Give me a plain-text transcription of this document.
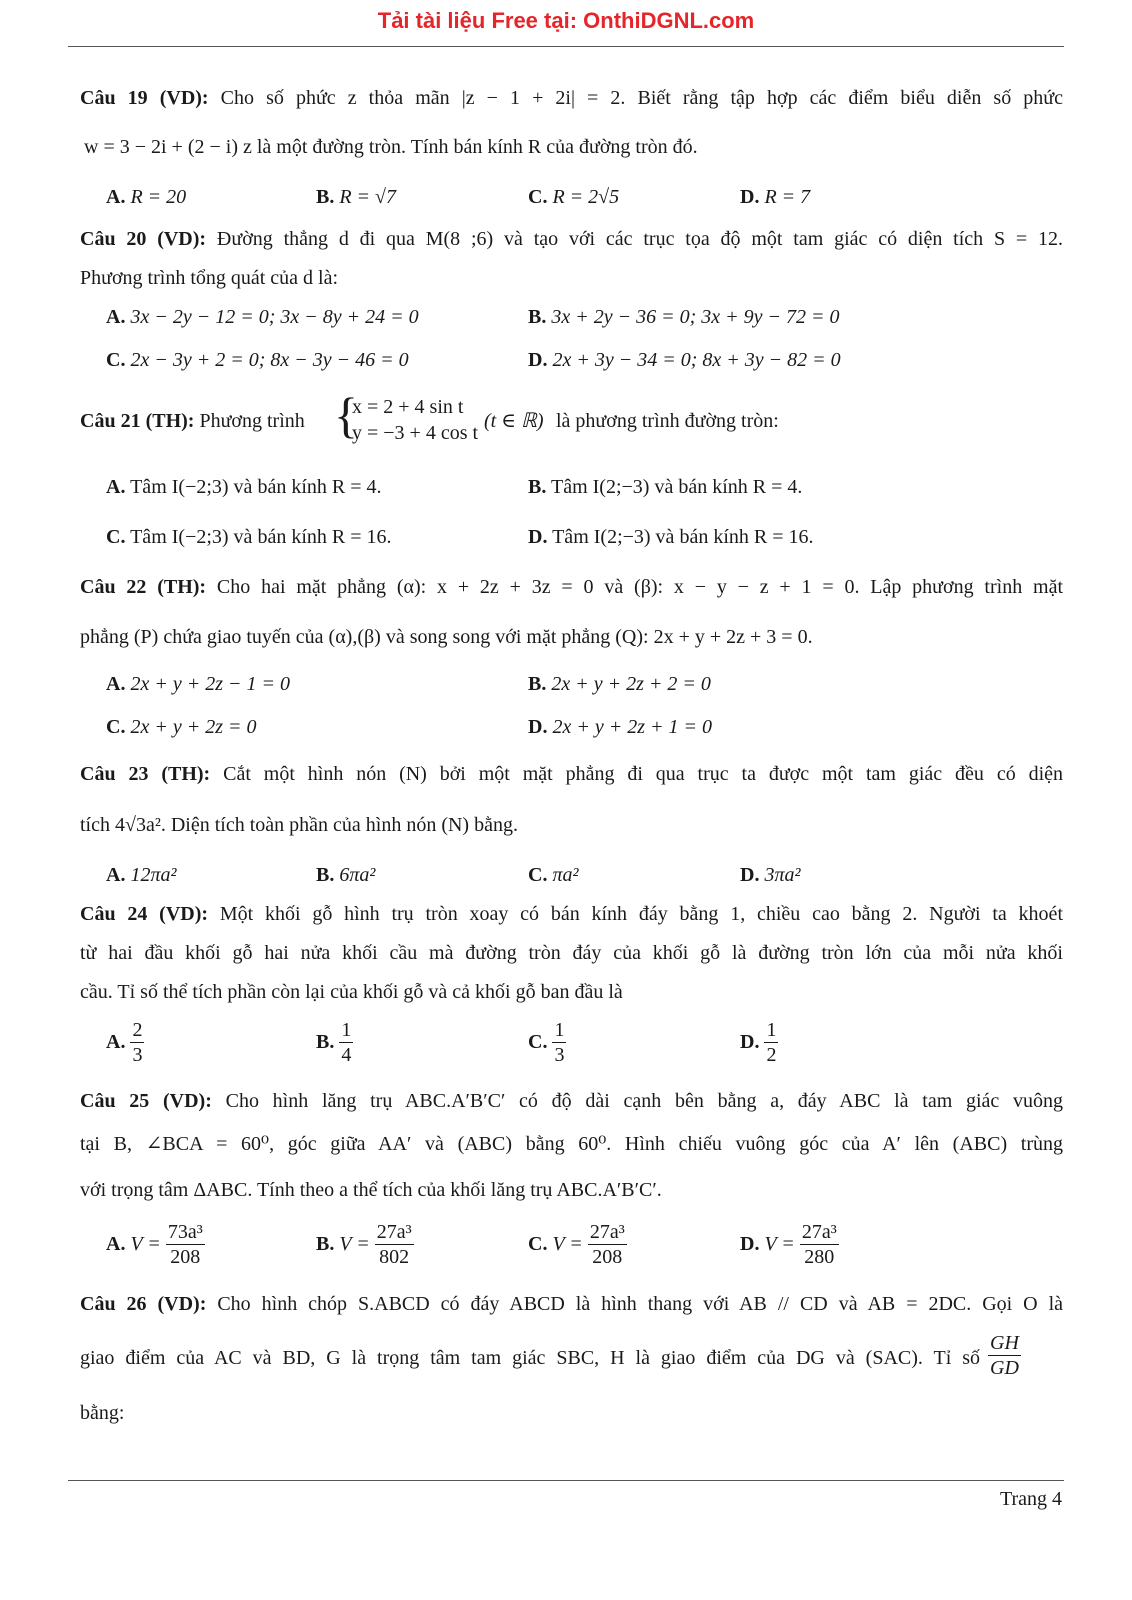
Tải tài liệu Free tại: OnthiDGNL.com
Câu 19 (VD): Cho số phức z thỏa mãn |z − 1 + 2i| = 2. Biết rằng tập hợp các điểm biểu diễn số phức
w = 3 − 2i + (2 − i) z là một đường tròn. Tính bán kính R của đường tròn đó.
A. R = 20	B. R = √7	C. R = 2√5	D. R = 7
Câu 20 (VD): Đường thẳng d đi qua M(8 ;6) và tạo với các trục tọa độ một tam giác có diện tích S = 12.
Phương trình tổng quát của d là:
A. 3x − 2y − 12 = 0; 3x − 8y + 24 = 0	B. 3x + 2y − 36 = 0; 3x + 9y − 72 = 0
C. 2x − 3y + 2 = 0; 8x − 3y − 46 = 0	D. 2x + 3y − 34 = 0; 8x + 3y − 82 = 0
Câu 21 (TH): Phương trình {
x = 2 + 4 sin t
y = −3 + 4 cos t
(t ∈ ℝ) là phương trình đường tròn:
A. Tâm I(−2;3) và bán kính R = 4.	B. Tâm I(2;−3) và bán kính R = 4.
C. Tâm I(−2;3) và bán kính R = 16.	D. Tâm I(2;−3) và bán kính R = 16.
Câu 22 (TH): Cho hai mặt phẳng (α): x + 2z + 3z = 0 và (β): x − y − z + 1 = 0. Lập phương trình mặt
phẳng (P) chứa giao tuyến của (α),(β) và song song với mặt phẳng (Q): 2x + y + 2z + 3 = 0.
A. 2x + y + 2z − 1 = 0	B. 2x + y + 2z + 2 = 0
C. 2x + y + 2z = 0	D. 2x + y + 2z + 1 = 0
Câu 23 (TH): Cắt một hình nón (N) bởi một mặt phẳng đi qua trục ta được một tam giác đều có diện
tích 4√3a². Diện tích toàn phần của hình nón (N) bằng.
A. 12πa²	B. 6πa²	C. πa²	D. 3πa²
Câu 24 (VD): Một khối gỗ hình trụ tròn xoay có bán kính đáy bằng 1, chiều cao bằng 2. Người ta khoét
từ hai đầu khối gỗ hai nửa khối cầu mà đường tròn đáy của khối gỗ là đường tròn lớn của mỗi nửa khối
cầu. Tỉ số thể tích phần còn lại của khối gỗ và cả khối gỗ ban đầu là
A. $\frac{2}{3}$	B. $\frac{1}{4}$	C. $\frac{1}{3}$	D. $\frac{1}{2}$
Câu 25 (VD): Cho hình lăng trụ ABC.A′B′C′ có độ dài cạnh bên bằng a, đáy ABC là tam giác vuông
tại B, ∠BCA = 60⁰, góc giữa AA′ và (ABC) bằng 60⁰. Hình chiếu vuông góc của A′ lên (ABC) trùng
với trọng tâm ΔABC. Tính theo a thể tích của khối lăng trụ ABC.A′B′C′.
A. $V = \frac{\text{73a³}}{208}$	B. $V = \frac{\text{27a³}}{802}$	C. $V = \frac{\text{27a³}}{208}$	D. $V = \frac{\text{27a³}}{280}$
Câu 26 (VD): Cho hình chóp S.ABCD có đáy ABCD là hình thang với AB // CD và AB = 2DC. Gọi O là
giao điểm của AC và BD, G là trọng tâm tam giác SBC, H là giao điểm của DG và (SAC). Tỉ số $\frac{GH}{GD}$
bằng:
Trang 4
